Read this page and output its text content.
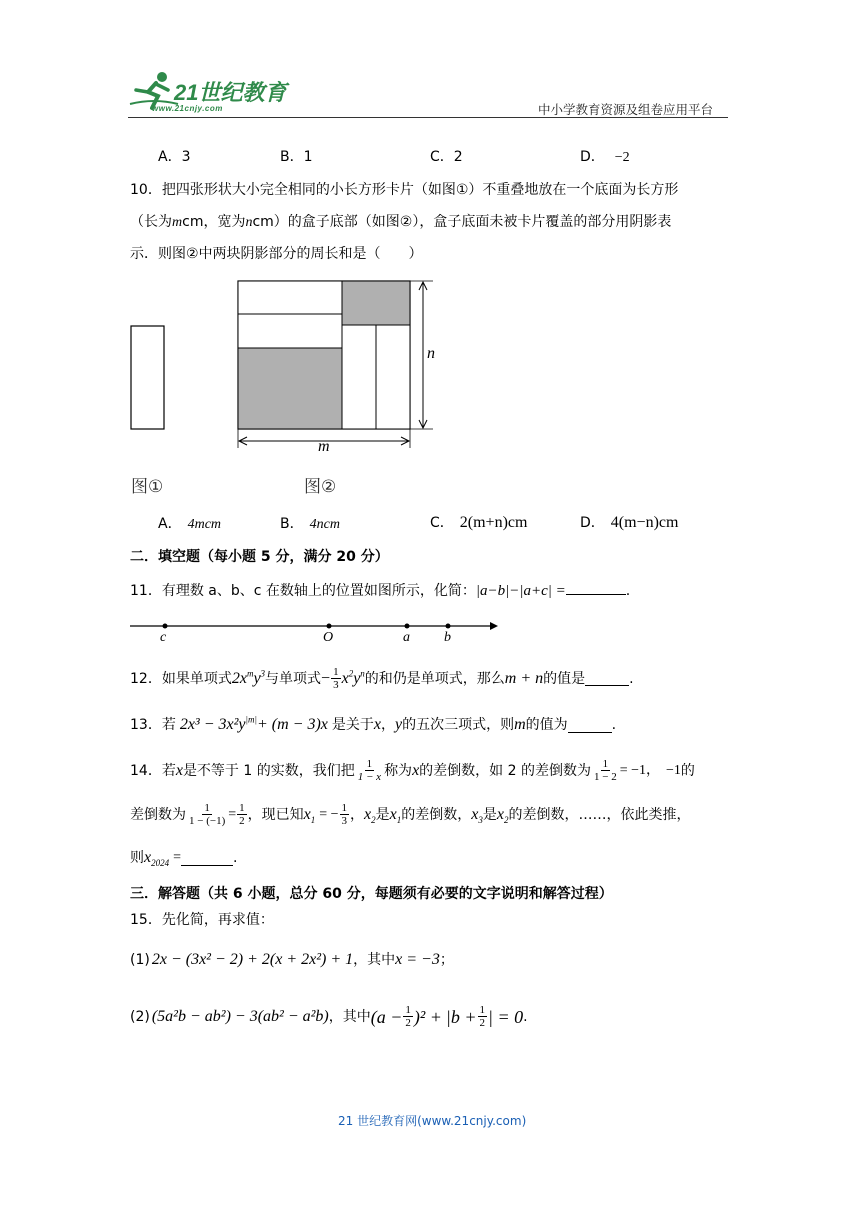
21世纪教育
www.21cnjy.com	中小学教育资源及组卷应用平台
A．3	B．1	C．2	D． −2
10．把四张形状大小完全相同的小长方形卡片（如图①）不重叠地放在一个底面为长方形
（长为mcm，宽为ncm）的盒子底部（如图②），盒子底面未被卡片覆盖的部分用阴影表
示．则图②中两块阴影部分的周长和是（　　）
n
m
图①	图②
A． 4mcm	B． 4ncm	C． 2(m+n)cm	D． 4(m−n)cm
二．填空题（每小题 5 分，满分 20 分）
11．有理数 a、b、c 在数轴上的位置如图所示，化简：|a−b|−|a+c| =	.
c	O	a b
12．如果单项式 $2x^my^3$ 与单项式 − $\frac{1}{3} x^2y^n$ 的和仍是单项式，那么 m + n 的值是	.
13．若 $2x^3 - 3x^2y^{|m|}+ (m - 3)x$ 是关于 x ， y 的五次三项式，则 m 的值为	.
14．若 x 是不等于 1 的实数，我们把 $\frac{1}{1 - x}$ 称为 x 的差倒数，如 2 的差倒数为 $\frac{1}{1 - 2} = -1$， −1 的
差倒数为 $\frac{1}{1 - (-1)} = \frac{1}{2}$ ，现已知 $x_1$ = − $\frac{1}{3}$ ， $x_2$ 是 $x_1$ 的差倒数， $x_3$ 是 $x_2$ 的差倒数，……，依此类推，
则 $x_{2024}$ =	.
三．解答题（共 6 小题，总分 60 分，每题须有必要的文字说明和解答过程）
15．先化简，再求值：
(1) 2x − (3x² − 2) + 2(x + 2x²) + 1 ，其中 x = −3 ；
(2) (5a²b − ab²) − 3(ab² − a²b) ，其中 $(a - \frac{1}{2} )^2 + |b + \frac{1}{2}$ | = 0 .
21 世纪教育网(www.21cnjy.com)
